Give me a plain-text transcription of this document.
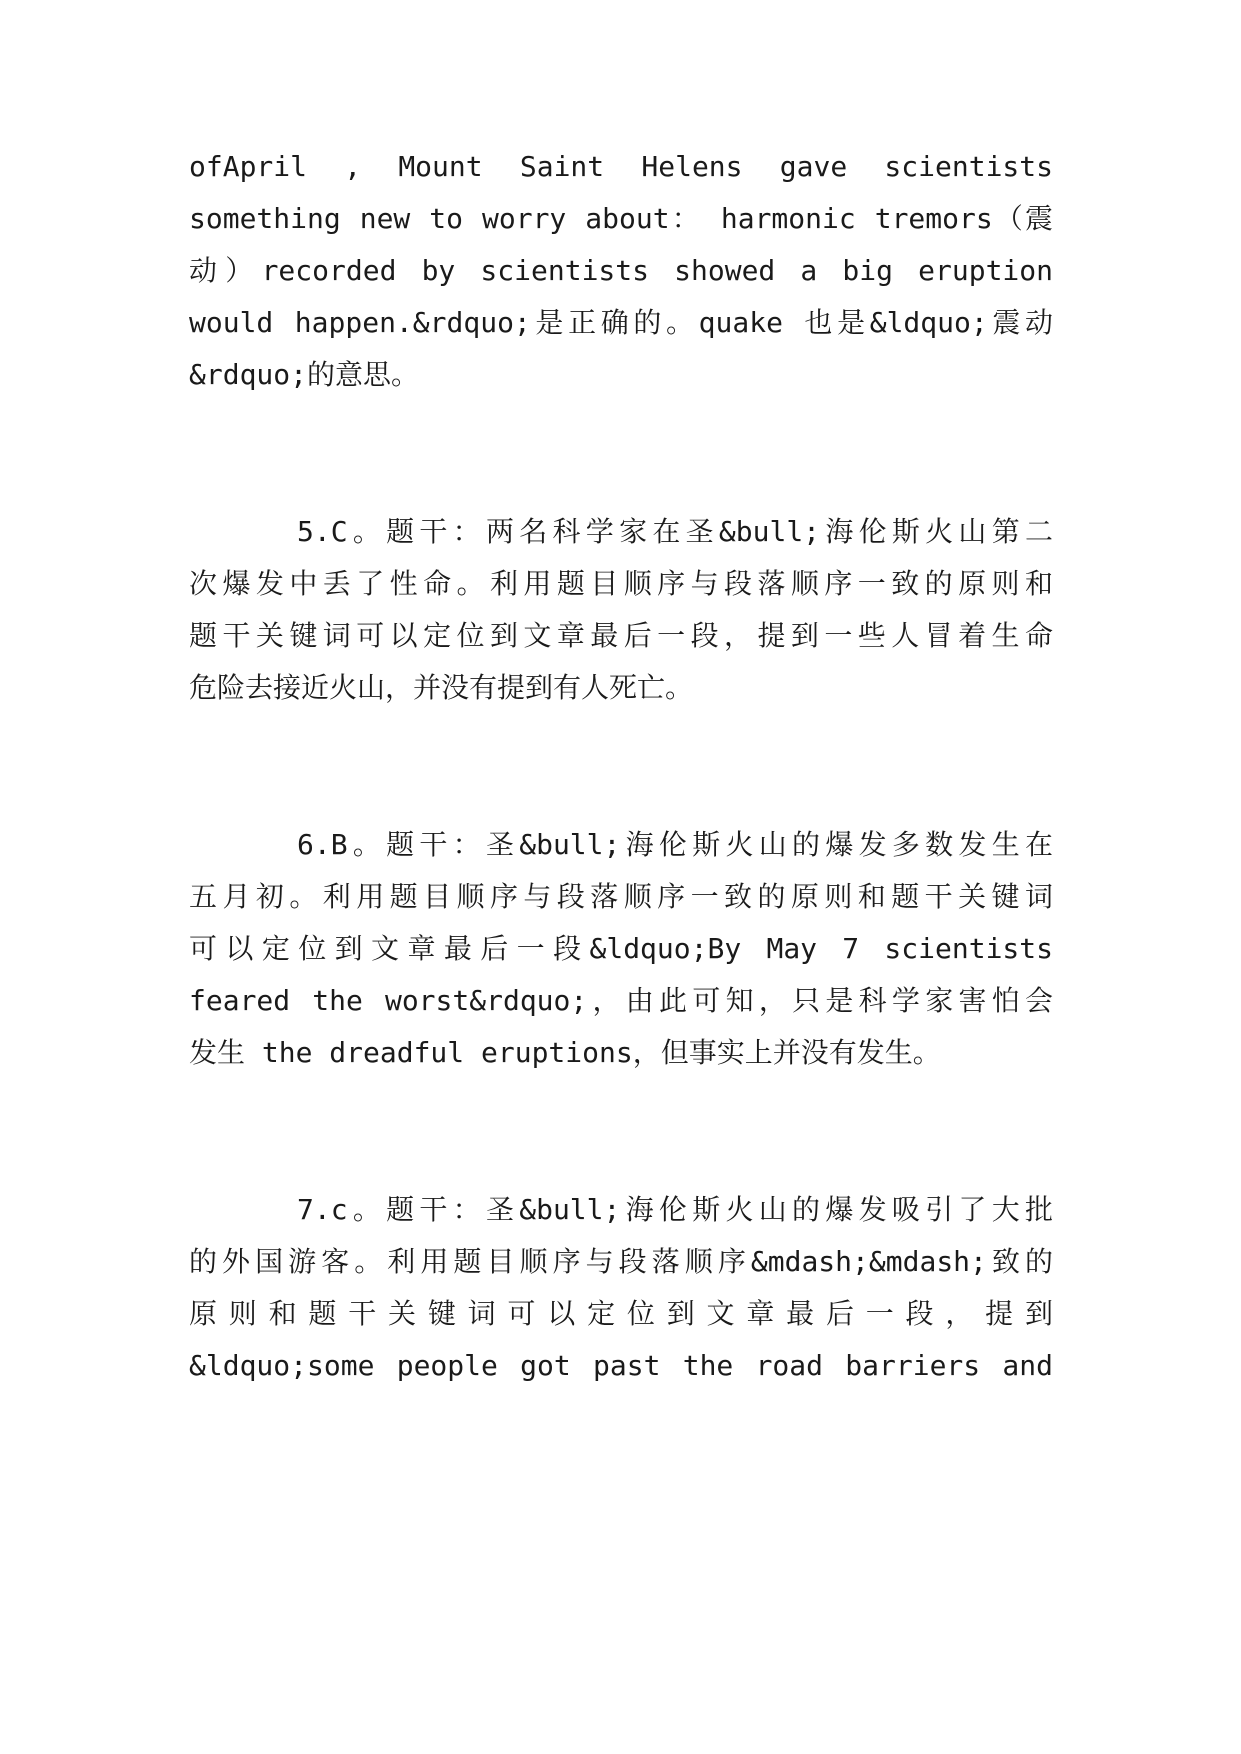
ofApril , Mount Saint Helens gave scientists
something new to worry about： harmonic tremors（震
动）recorded by scientists showed a big eruption
would happen.&rdquo;是正确的。quake 也是&ldquo;震动
&rdquo;的意思。
5.C。题干：两名科学家在圣&bull;海伦斯火山第二
次爆发中丢了性命。利用题目顺序与段落顺序一致的原则和
题干关键词可以定位到文章最后一段，提到一些人冒着生命
危险去接近火山，并没有提到有人死亡。
6.B。题干：圣&bull;海伦斯火山的爆发多数发生在
五月初。利用题目顺序与段落顺序一致的原则和题干关键词
可以定位到文章最后一段&ldquo;By May 7 scientists
feared the worst&rdquo;，由此可知，只是科学家害怕会
发生 the dreadful eruptions，但事实上并没有发生。
7.c。题干：圣&bull;海伦斯火山的爆发吸引了大批
的外国游客。利用题目顺序与段落顺序&mdash;&mdash;致的
原则和题干关键词可以定位到文章最后一段，提到
&ldquo;some people got past the road barriers and
